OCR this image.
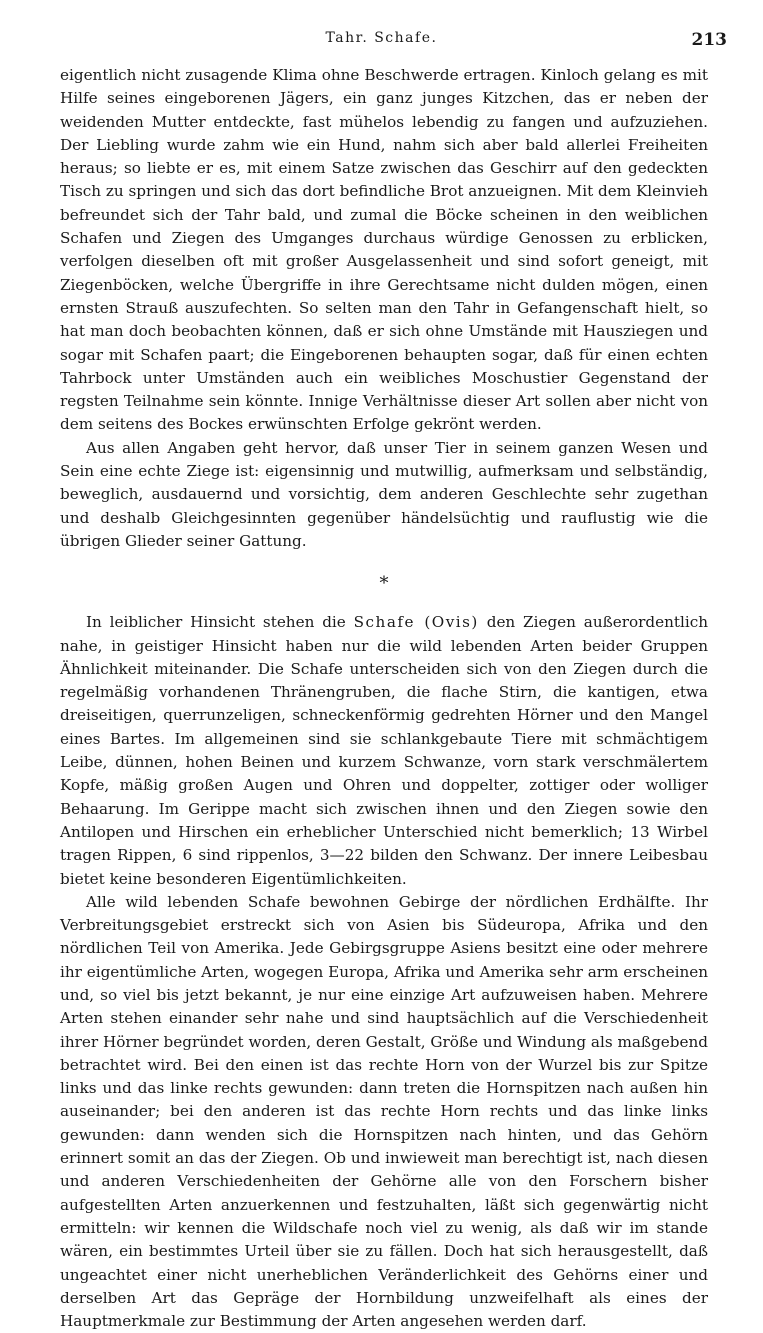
Tahr. Schafe.	213

eigentlich nicht zusagende Klima ohne Beschwerde ertragen. Kinloch gelang es mit Hilfe seines eingeborenen Jägers, ein ganz junges Kitzchen, das er neben der weidenden Mutter entdeckte, fast mühelos lebendig zu fangen und aufzuziehen. Der Liebling wurde zahm wie ein Hund, nahm sich aber bald allerlei Freiheiten heraus; so liebte er es, mit einem Satze zwischen das Geschirr auf den gedeckten Tisch zu springen und sich das dort befindliche Brot anzueignen. Mit dem Kleinvieh befreundet sich der Tahr bald, und zumal die Böcke scheinen in den weiblichen Schafen und Ziegen des Umganges durchaus würdige Genossen zu erblicken, verfolgen dieselben oft mit großer Ausgelassenheit und sind sofort geneigt, mit Ziegenböcken, welche Übergriffe in ihre Gerechtsame nicht dulden mögen, einen ernsten Strauß auszufechten. So selten man den Tahr in Gefangenschaft hielt, so hat man doch beobachten können, daß er sich ohne Umstände mit Hausziegen und sogar mit Schafen paart; die Eingeborenen behaupten sogar, daß für einen echten Tahrbock unter Umständen auch ein weibliches Moschustier Gegenstand der regsten Teilnahme sein könnte. Innige Verhältnisse dieser Art sollen aber nicht von dem seitens des Bockes erwünschten Erfolge gekrönt werden.

Aus allen Angaben geht hervor, daß unser Tier in seinem ganzen Wesen und Sein eine echte Ziege ist: eigensinnig und mutwillig, aufmerksam und selbständig, beweglich, ausdauernd und vorsichtig, dem anderen Geschlechte sehr zugethan und deshalb Gleichgesinnten gegenüber händelsüchtig und rauflustig wie die übrigen Glieder seiner Gattung.

*

In leiblicher Hinsicht stehen die Schafe (Ovis) den Ziegen außerordentlich nahe, in geistiger Hinsicht haben nur die wild lebenden Arten beider Gruppen Ähnlichkeit miteinander. Die Schafe unterscheiden sich von den Ziegen durch die regelmäßig vorhandenen Thränengruben, die flache Stirn, die kantigen, etwa dreiseitigen, querrunzeligen, schneckenförmig gedrehten Hörner und den Mangel eines Bartes. Im allgemeinen sind sie schlankgebaute Tiere mit schmächtigem Leibe, dünnen, hohen Beinen und kurzem Schwanze, vorn stark verschmälertem Kopfe, mäßig großen Augen und Ohren und doppelter, zottiger oder wolliger Behaarung. Im Gerippe macht sich zwischen ihnen und den Ziegen sowie den Antilopen und Hirschen ein erheblicher Unterschied nicht bemerklich; 13 Wirbel tragen Rippen, 6 sind rippenlos, 3—22 bilden den Schwanz. Der innere Leibesbau bietet keine besonderen Eigentümlichkeiten.

Alle wild lebenden Schafe bewohnen Gebirge der nördlichen Erdhälfte. Ihr Verbreitungsgebiet erstreckt sich von Asien bis Südeuropa, Afrika und den nördlichen Teil von Amerika. Jede Gebirgsgruppe Asiens besitzt eine oder mehrere ihr eigentümliche Arten, wogegen Europa, Afrika und Amerika sehr arm erscheinen und, so viel bis jetzt bekannt, je nur eine einzige Art aufzuweisen haben. Mehrere Arten stehen einander sehr nahe und sind hauptsächlich auf die Verschiedenheit ihrer Hörner begründet worden, deren Gestalt, Größe und Windung als maßgebend betrachtet wird. Bei den einen ist das rechte Horn von der Wurzel bis zur Spitze links und das linke rechts gewunden: dann treten die Hornspitzen nach außen hin auseinander; bei den anderen ist das rechte Horn rechts und das linke links gewunden: dann wenden sich die Hornspitzen nach hinten, und das Gehörn erinnert somit an das der Ziegen. Ob und inwieweit man berechtigt ist, nach diesen und anderen Verschiedenheiten der Gehörne alle von den Forschern bisher aufgestellten Arten anzuerkennen und festzuhalten, läßt sich gegenwärtig nicht ermitteln: wir kennen die Wildschafe noch viel zu wenig, als daß wir im stande wären, ein bestimmtes Urteil über sie zu fällen. Doch hat sich herausgestellt, daß ungeachtet einer nicht unerheblichen Veränderlichkeit des Gehörns einer und derselben Art das Gepräge der Hornbildung unzweifelhaft als eines der Hauptmerkmale zur Bestimmung der Arten angesehen werden darf.
